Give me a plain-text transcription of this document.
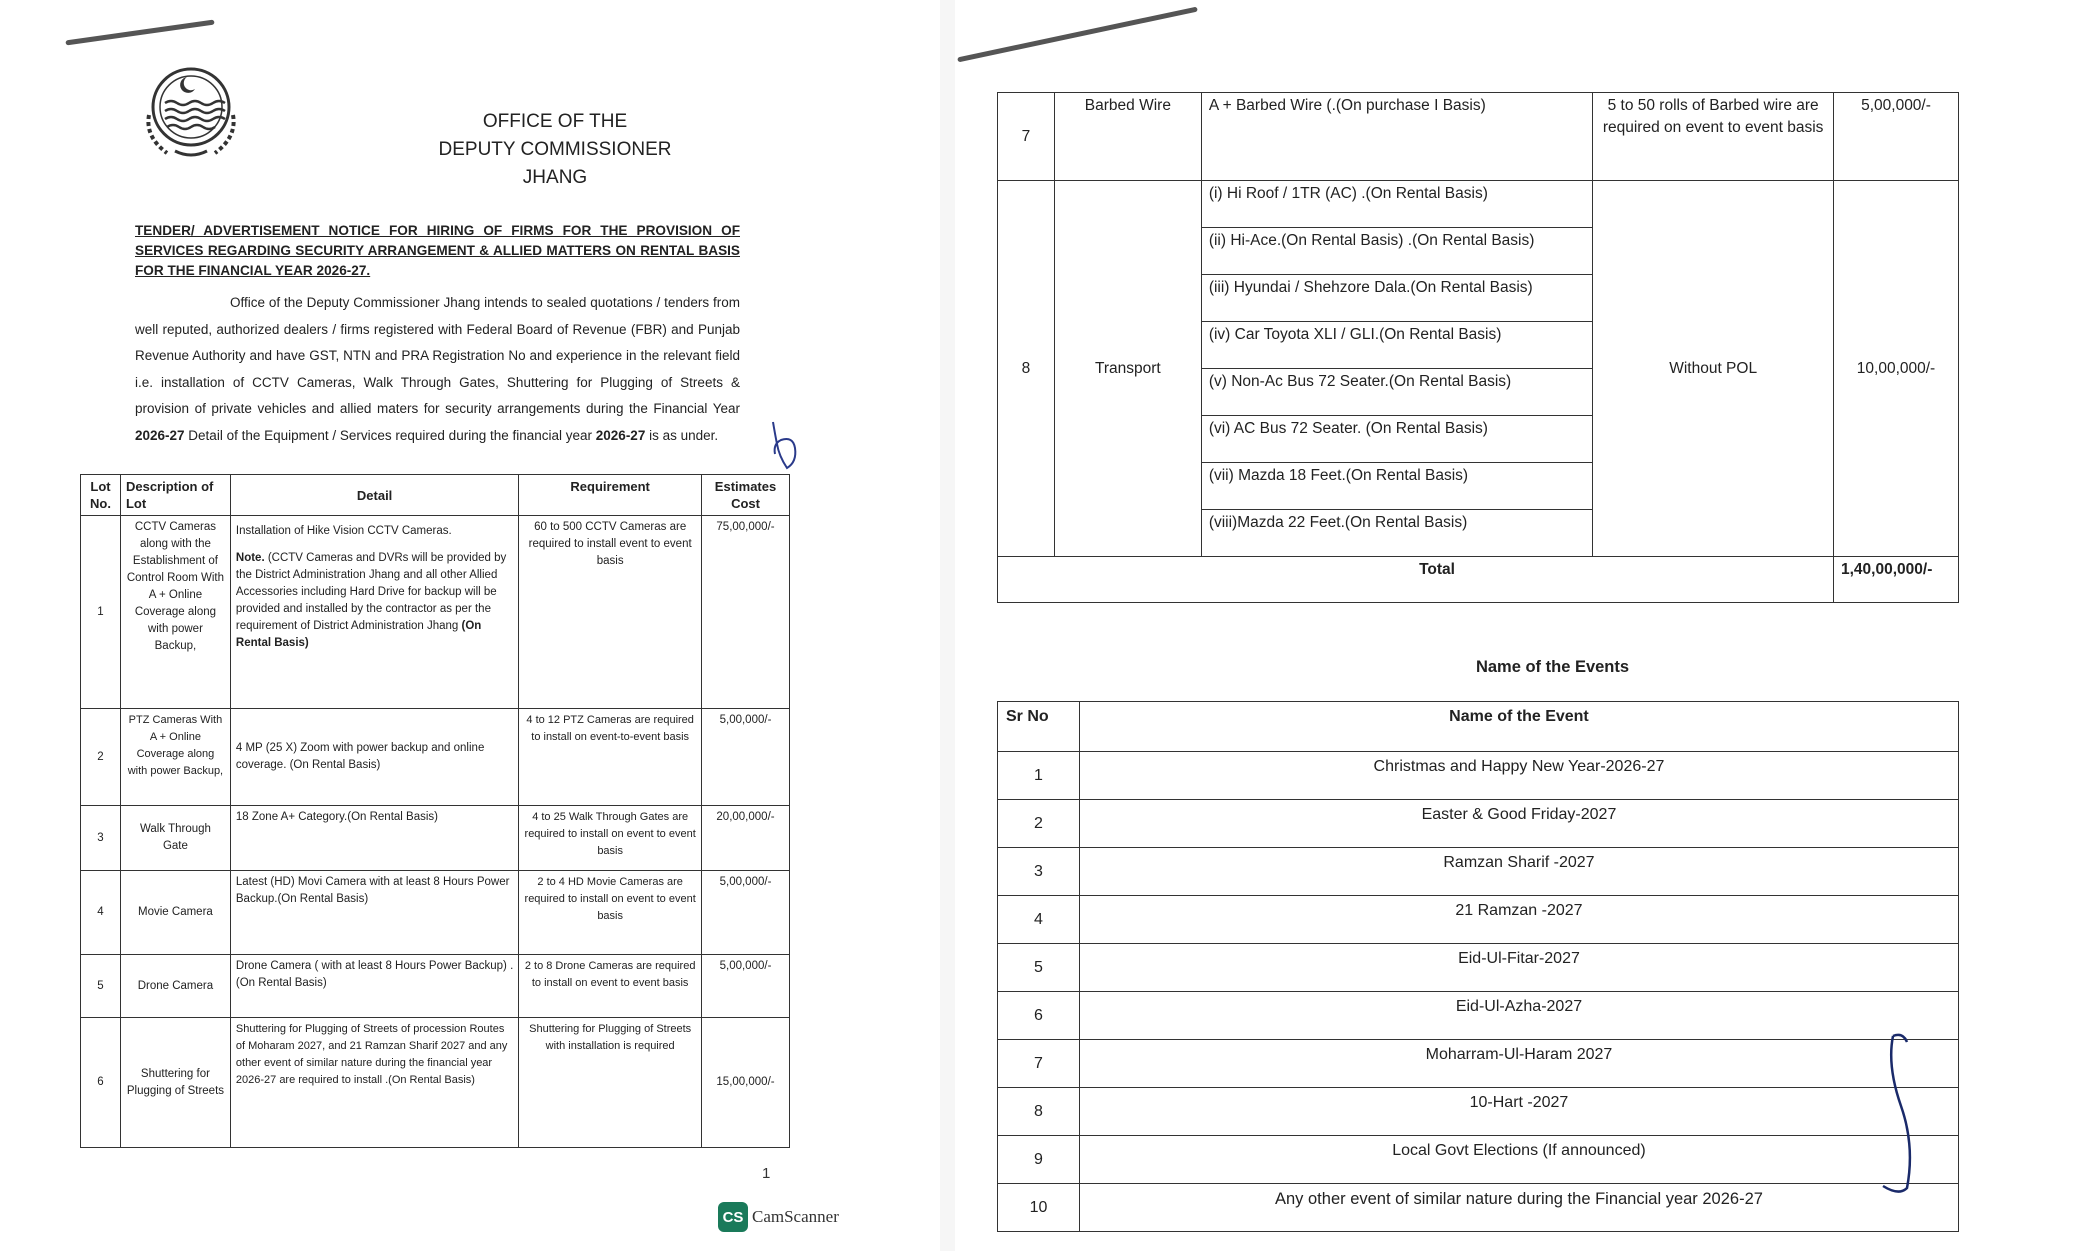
OFFICE OF THE
DEPUTY COMMISSIONER
JHANG
TENDER/ ADVERTISEMENT NOTICE FOR HIRING OF FIRMS FOR THE PROVISION OF SERVICES REGARDING SECURITY ARRANGEMENT & ALLIED MATTERS ON RENTAL BASIS FOR THE FINANCIAL YEAR 2026-27.

Office of the Deputy Commissioner Jhang intends to sealed quotations / tenders from well reputed, authorized dealers / firms registered with Federal Board of Revenue (FBR) and Punjab Revenue Authority and have GST, NTN and PRA Registration No and experience in the relevant field i.e. installation of CCTV Cameras, Walk Through Gates, Shuttering for Plugging of Streets & provision of private vehicles and allied maters for security arrangements during the Financial Year 2026-27 Detail of the Equipment / Services required during the financial year 2026-27 is as under.

Lot No.	Description of Lot	Detail	Requirement	Estimates Cost
1	CCTV Cameras along with the Establishment of Control Room With A + Online Coverage along with power Backup,	Installation of Hike Vision CCTV Cameras.
Note. (CCTV Cameras and DVRs will be provided by the District Administration Jhang and all other Allied Accessories including Hard Drive for backup will be provided and installed by the contractor as per the requirement of District Administration Jhang (On Rental Basis)	60 to 500 CCTV Cameras are required to install event to event basis	75,00,000/-
2	PTZ Cameras With A + Online Coverage along with power Backup,	4 MP (25 X) Zoom with power backup and online coverage. (On Rental Basis)	4 to 12 PTZ Cameras are required to install on event-to-event basis	5,00,000/-
3	Walk Through Gate	18 Zone A+ Category.(On Rental Basis)	4 to 25 Walk Through Gates are required to install on event to event basis	20,00,000/-
4	Movie Camera	Latest (HD) Movi Camera with at least 8 Hours Power Backup.(On Rental Basis)	2 to 4 HD Movie Cameras are required to install on event to event basis	5,00,000/-
5	Drone Camera	Drone Camera ( with at least 8 Hours Power Backup) .(On Rental Basis)	2 to 8 Drone Cameras are required to install on event to event basis	5,00,000/-
6	Shuttering for Plugging of Streets	Shuttering for Plugging of Streets of procession Routes of Moharam 2027, and 21 Ramzan Sharif 2027 and any other event of similar nature during the financial year 2026-27 are required to install .(On Rental Basis)	Shuttering for Plugging of Streets with installation is required	15,00,000/-
1
CS CamScanner
7	Barbed Wire	A + Barbed Wire (.(On purchase I Basis)	5 to 50 rolls of Barbed wire are required on event to event basis	5,00,000/-
8	Transport	(i) Hi Roof / 1TR (AC) .(On Rental Basis)	Without POL	10,00,000/-
		(ii) Hi-Ace.(On Rental Basis) .(On Rental Basis)		
		(iii) Hyundai / Shehzore Dala.(On Rental Basis)		
		(iv) Car Toyota XLI / GLI.(On Rental Basis)		
		(v) Non-Ac Bus 72 Seater.(On Rental Basis)		
		(vi) AC Bus 72 Seater. (On Rental Basis)		
		(vii) Mazda 18 Feet.(On Rental Basis)		
		(viii)Mazda 22 Feet.(On Rental Basis)		
Total				1,40,00,000/-
Name of the Events
Sr No	Name of the Event
1	Christmas and Happy New Year-2026-27
2	Easter & Good Friday-2027
3	Ramzan Sharif -2027
4	21 Ramzan -2027
5	Eid-Ul-Fitar-2027
6	Eid-Ul-Azha-2027
7	Moharram-Ul-Haram 2027
8	10-Hart -2027
9	Local Govt Elections (If announced)
10	Any other event of similar nature during the Financial year 2026-27
